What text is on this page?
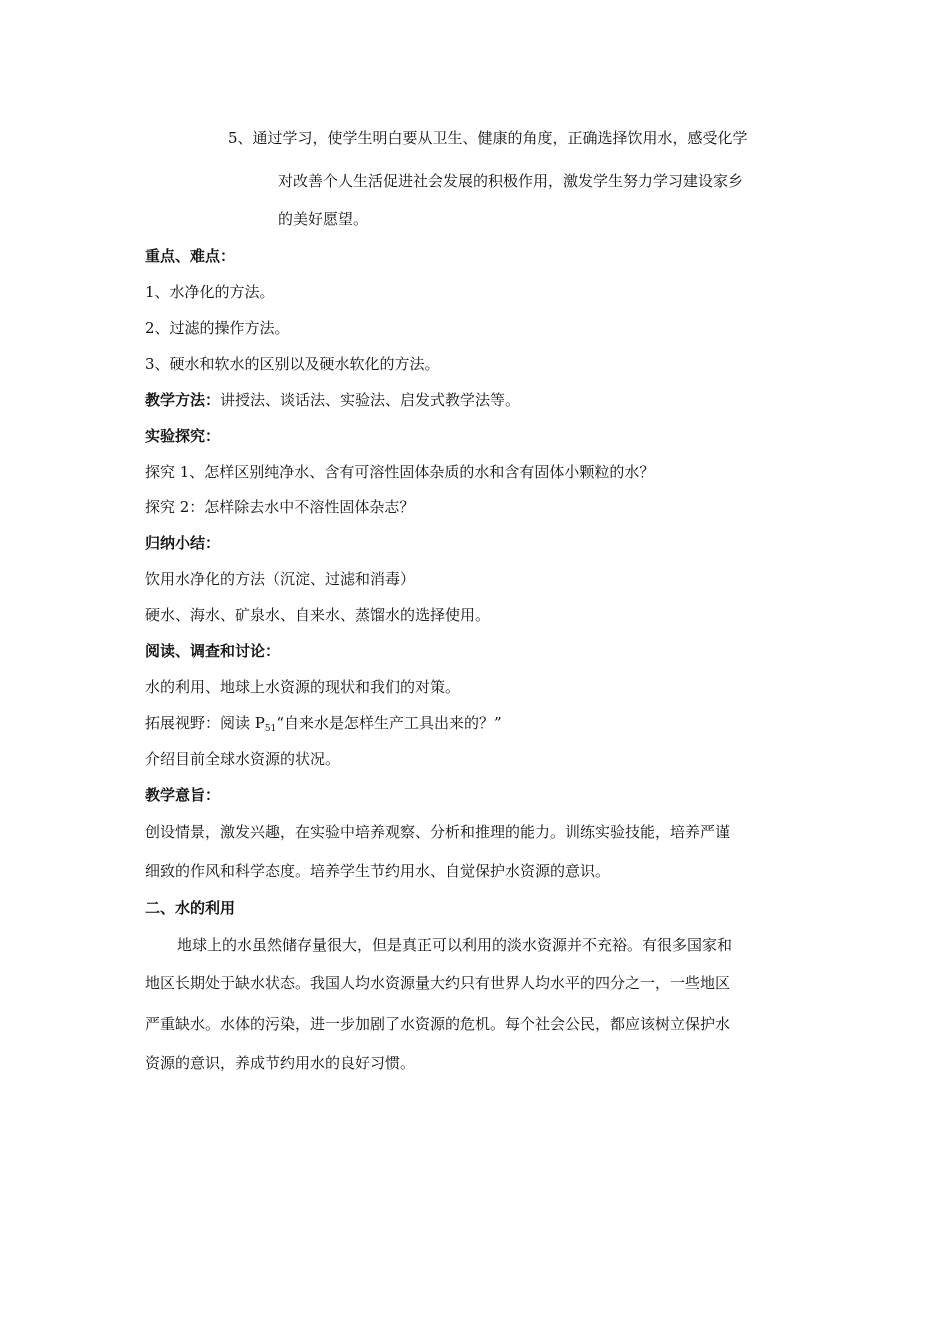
5、通过学习，使学生明白要从卫生、健康的角度，正确选择饮用水，感受化学
对改善个人生活促进社会发展的积极作用，激发学生努力学习建设家乡
的美好愿望。
重点、难点：
1、水净化的方法。
2、过滤的操作方法。
3、硬水和软水的区别以及硬水软化的方法。
教学方法：讲授法、谈话法、实验法、启发式教学法等。
实验探究：
探究 1、怎样区别纯净水、含有可溶性固体杂质的水和含有固体小颗粒的水？
探究 2：怎样除去水中不溶性固体杂志？
归纳小结：
饮用水净化的方法（沉淀、过滤和消毒）
硬水、海水、矿泉水、自来水、蒸馏水的选择使用。
阅读、调查和讨论：
水的利用、地球上水资源的现状和我们的对策。
拓展视野：阅读 $P_{51}“$自来水是怎样生产工具出来的？”
介绍目前全球水资源的状况。
教学意旨：
创设情景，激发兴趣，在实验中培养观察、分析和推理的能力。训练实验技能，培养严谨
细致的作风和科学态度。培养学生节约用水、自觉保护水资源的意识。
二、水的利用
地球上的水虽然储存量很大，但是真正可以利用的淡水资源并不充裕。有很多国家和
地区长期处于缺水状态。我国人均水资源量大约只有世界人均水平的四分之一，一些地区
严重缺水。水体的污染，进一步加剧了水资源的危机。每个社会公民，都应该树立保护水
资源的意识，养成节约用水的良好习惯。
